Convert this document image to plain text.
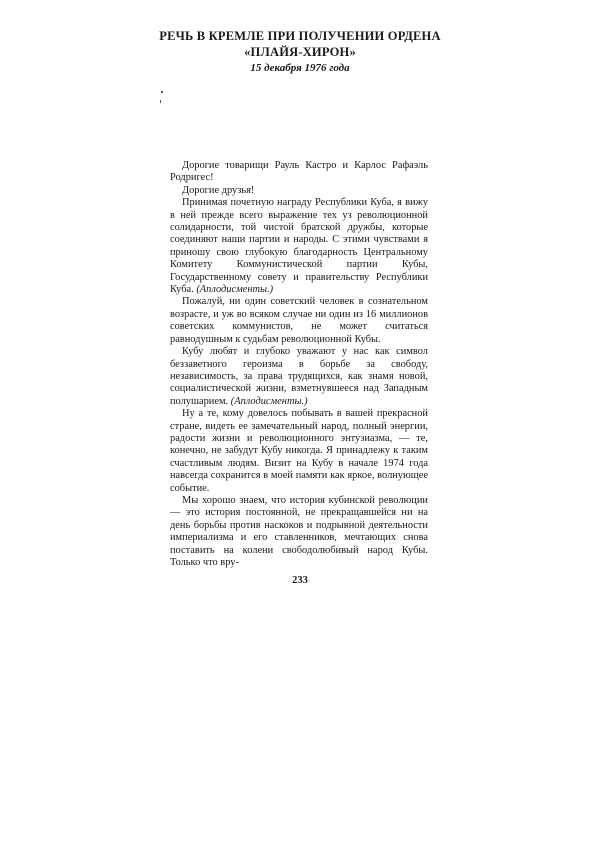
РЕЧЬ В КРЕМЛЕ ПРИ ПОЛУЧЕНИИ ОРДЕНА
«ПЛАЙЯ-ХИРОН»
15 декабря 1976 года

Дорогие товарищи Рауль Кастро и Карлос Рафаэль Родригес!

Дорогие друзья!

Принимая почетную награду Республики Куба, я вижу в ней прежде всего выражение тех уз революционной солидарности, той чистой братской дружбы, которые соединяют наши партии и народы. С этими чувствами я приношу свою глубокую благодарность Центральному Комитету Коммунистической партии Кубы, Государственному совету и правительству Республики Куба. (Аплодисменты.)

Пожалуй, ни один советский человек в сознательном возрасте, и уж во всяком случае ни один из 16 миллионов советских коммунистов, не может считаться равнодушным к судьбам революционной Кубы.

Кубу любят и глубоко уважают у нас как символ беззаветного героизма в борьбе за свободу, независимость, за права трудящихся, как знамя новой, социалистической жизни, взметнувшееся над Западным полушарием. (Аплодисменты.)

Ну а те, кому довелось побывать в вашей прекрасной стране, видеть ее замечательный народ, полный энергии, радости жизни и революционного энтузиазма, — те, конечно, не забудут Кубу никогда. Я принадлежу к таким счастливым людям. Визит на Кубу в начале 1974 года навсегда сохранится в моей памяти как яркое, волнующее событие.

Мы хорошо знаем, что история кубинской революции — это история постоянной, не прекращавшейся ни на день борьбы против наскоков и подрывной деятельности империализма и его ставленников, мечтающих снова поставить на колени свободолюбивый народ Кубы. Только что вру-

233
